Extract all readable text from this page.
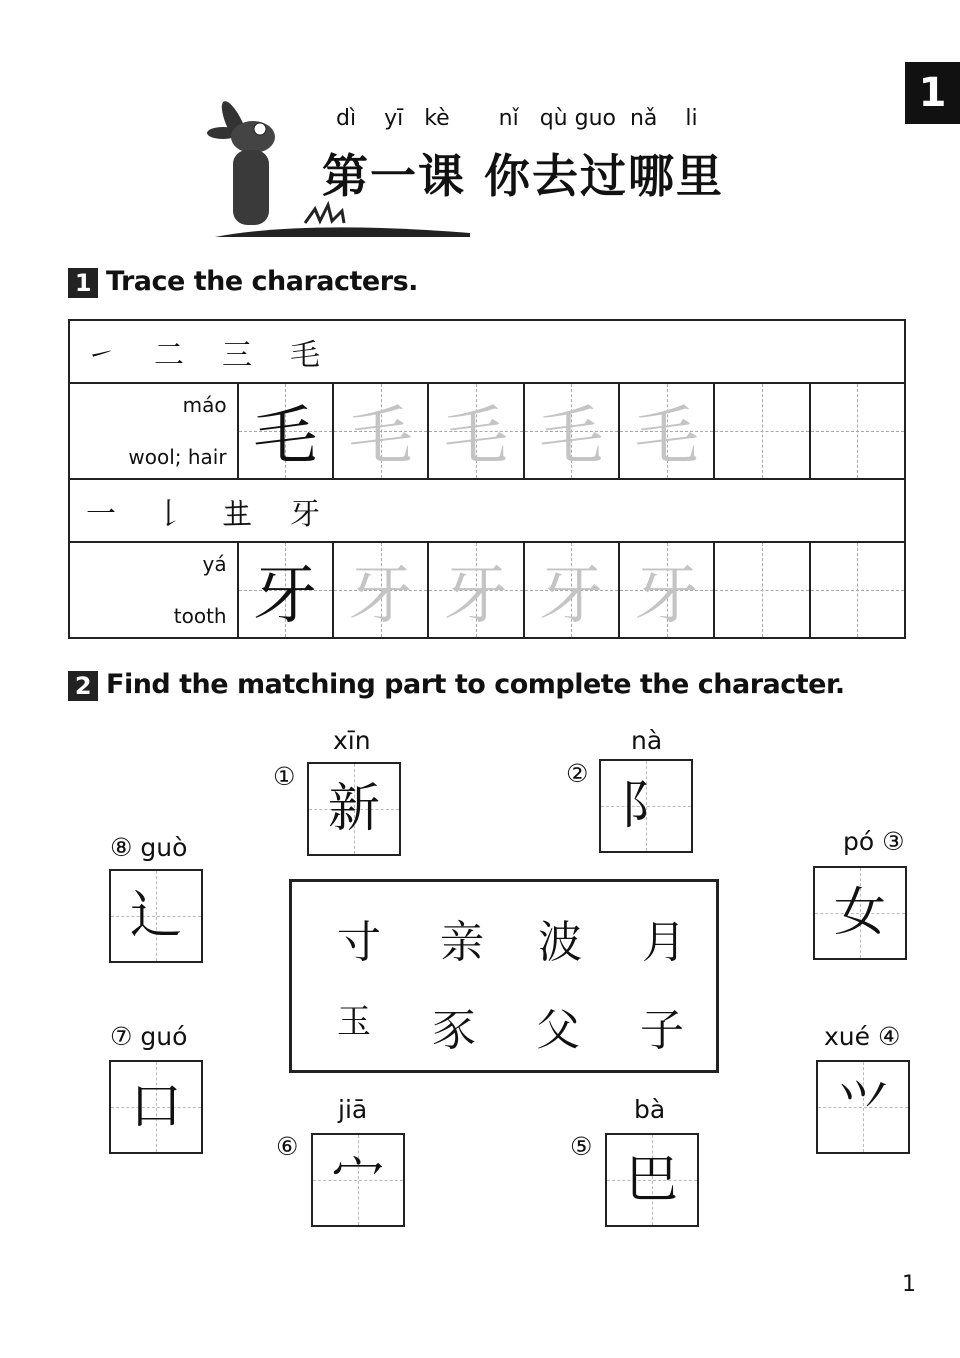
1
dì yī kè nǐ qù guo nǎ li
第一课 你去过哪里
1 Trace the characters.
㇀ 二 三 毛							

máo
wool; hair	毛	毛	毛	毛	毛		
一 𠄌 𠀎 牙							

yá
tooth	牙	牙	牙	牙	牙		
2 Find the matching part to complete the character.
xīn
①
新
nà
②
阝
pó ③
女
xué ④
⺍
bà
⑤
巴
jiā
⑥
宀
⑦ guó
口
⑧ guò
辶	寸 亲 波 月
玉 豕 父 子
1
